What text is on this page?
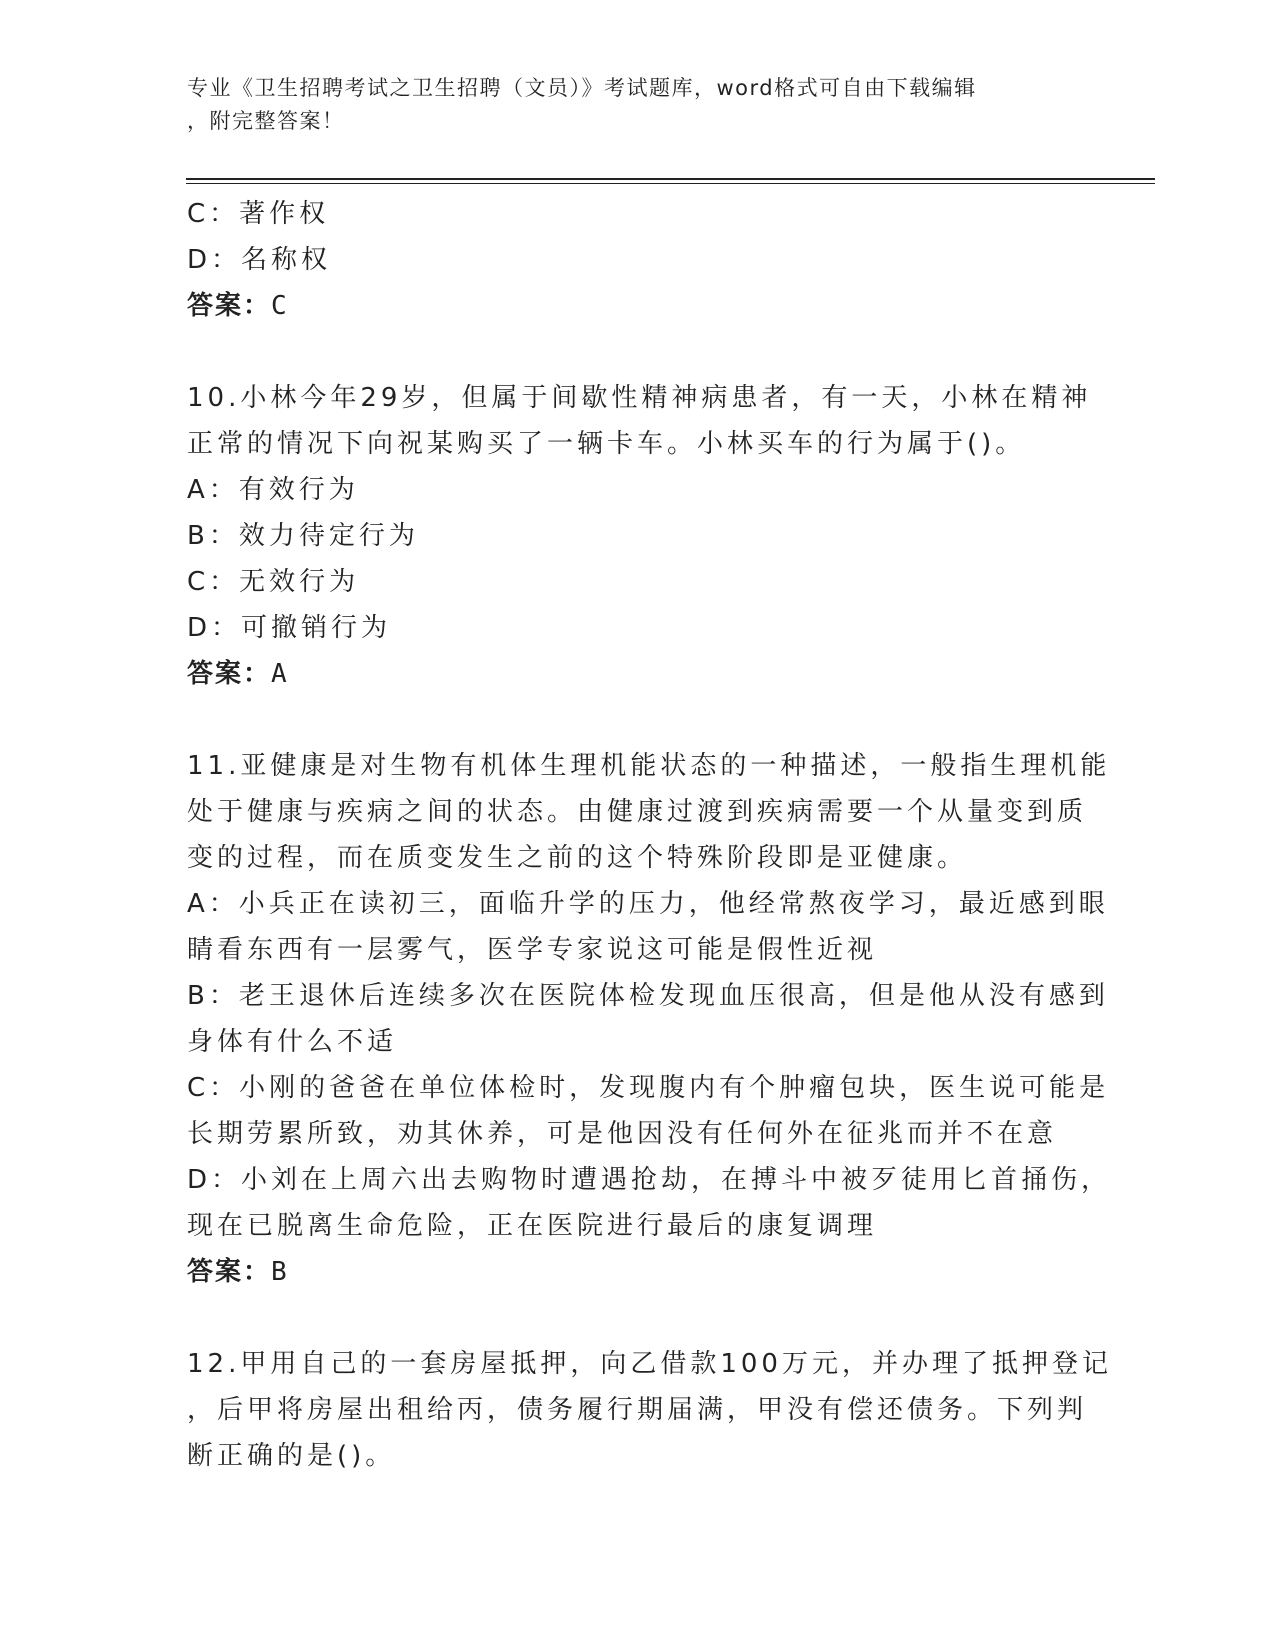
专业《卫生招聘考试之卫生招聘（文员）》考试题库，word格式可自由下载编辑
，附完整答案！
C：著作权
D：名称权
答案：C
10.小林今年29岁，但属于间歇性精神病患者，有一天，小林在精神
正常的情况下向祝某购买了一辆卡车。小林买车的行为属于()。
A：有效行为
B：效力待定行为
C：无效行为
D：可撤销行为
答案：A
11.亚健康是对生物有机体生理机能状态的一种描述，一般指生理机能
处于健康与疾病之间的状态。由健康过渡到疾病需要一个从量变到质
变的过程，而在质变发生之前的这个特殊阶段即是亚健康。
A：小兵正在读初三，面临升学的压力，他经常熬夜学习，最近感到眼
睛看东西有一层雾气，医学专家说这可能是假性近视
B：老王退休后连续多次在医院体检发现血压很高，但是他从没有感到
身体有什么不适
C：小刚的爸爸在单位体检时，发现腹内有个肿瘤包块，医生说可能是
长期劳累所致，劝其休养，可是他因没有任何外在征兆而并不在意
D：小刘在上周六出去购物时遭遇抢劫，在搏斗中被歹徒用匕首捅伤，
现在已脱离生命危险，正在医院进行最后的康复调理
答案：B
12.甲用自己的一套房屋抵押，向乙借款100万元，并办理了抵押登记
，后甲将房屋出租给丙，债务履行期届满，甲没有偿还债务。下列判
断正确的是()。
